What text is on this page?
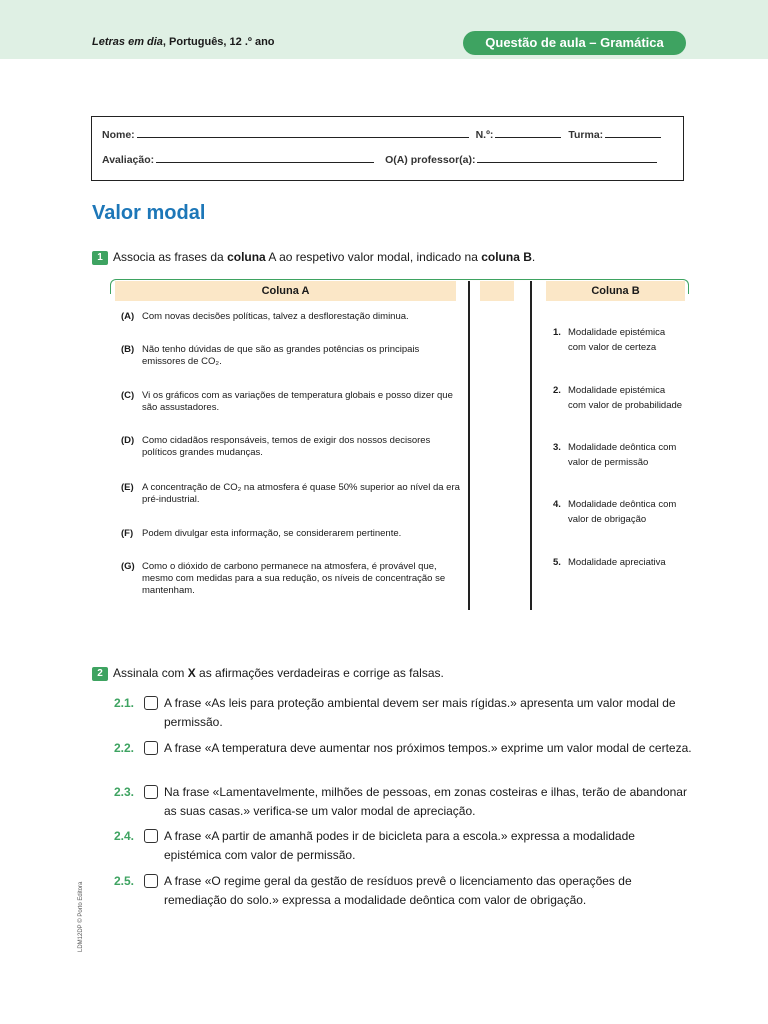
Letras em dia, Português, 12 .º ano	Questão de aula – Gramática
Nome:	N.º:	Turma:
Avaliação:	O(A) professor(a):
Valor modal
1 Associa as frases da coluna A ao respetivo valor modal, indicado na coluna B.
Coluna A	Coluna B
(A) Com novas decisões políticas, talvez a desflorestação diminua.
(B) Não tenho dúvidas de que são as grandes potências os principais emissores de CO₂.
(C) Vi os gráficos com as variações de temperatura globais e posso dizer que são assustadores.
(D) Como cidadãos responsáveis, temos de exigir dos nossos decisores políticos grandes mudanças.
(E) A concentração de CO₂ na atmosfera é quase 50% superior ao nível da era pré-industrial.
(F) Podem divulgar esta informação, se considerarem pertinente.
(G) Como o dióxido de carbono permanece na atmosfera, é provável que, mesmo com medidas para a sua redução, os níveis de concentração se mantenham.
1. Modalidade epistémica com valor de certeza
2. Modalidade epistémica com valor de probabilidade
3. Modalidade deôntica com valor de permissão
4. Modalidade deôntica com valor de obrigação
5. Modalidade apreciativa
2 Assinala com X as afirmações verdadeiras e corrige as falsas.
2.1. A frase «As leis para proteção ambiental devem ser mais rígidas.» apresenta um valor modal de permissão.
2.2. A frase «A temperatura deve aumentar nos próximos tempos.» exprime um valor modal de certeza.
2.3. Na frase «Lamentavelmente, milhões de pessoas, em zonas costeiras e ilhas, terão de abandonar as suas casas.» verifica-se um valor modal de apreciação.
2.4. A frase «A partir de amanhã podes ir de bicicleta para a escola.» expressa a modalidade epistémica com valor de permissão.
2.5. A frase «O regime geral da gestão de resíduos prevê o licenciamento das operações de remediação do solo.» expressa a modalidade deôntica com valor de obrigação.
LDM12DP © Porto Editora
